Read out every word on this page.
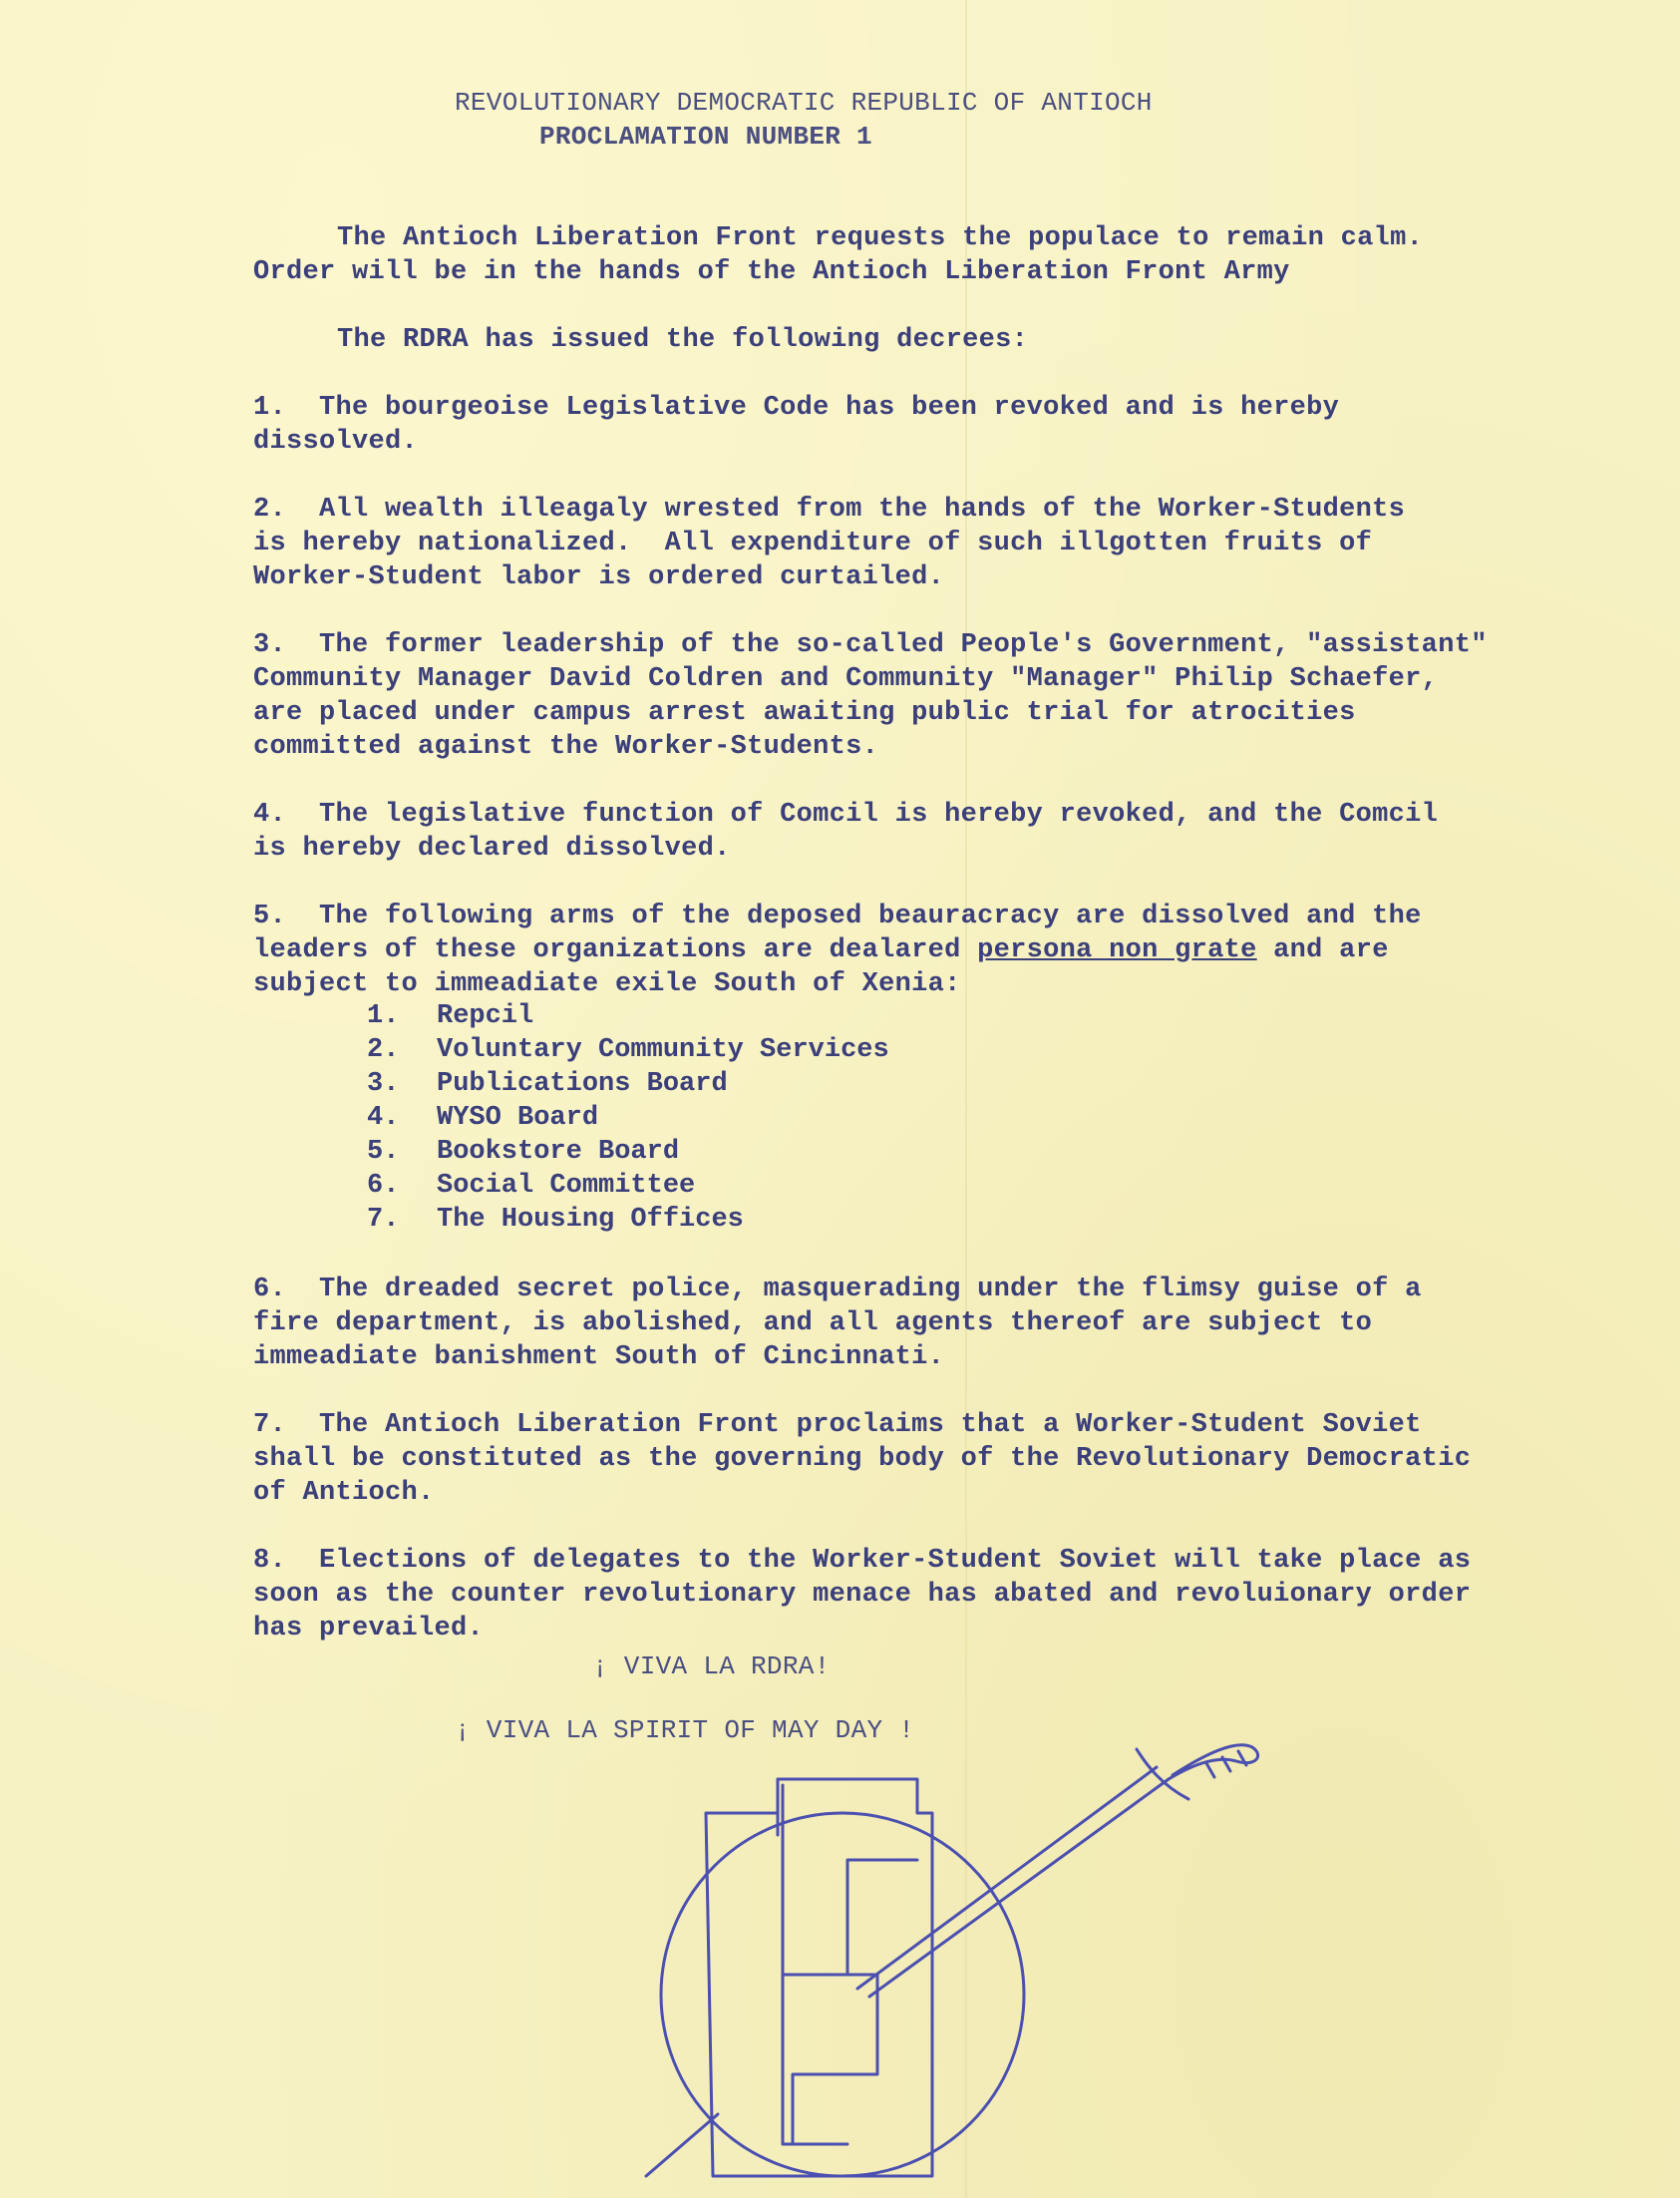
REVOLUTIONARY DEMOCRATIC REPUBLIC OF ANTIOCH
PROCLAMATION NUMBER 1
The Antioch Liberation Front requests the populace to remain calm.
Order will be in the hands of the Antioch Liberation Front Army
The RDRA has issued the following decrees:
1.  The bourgeoise Legislative Code has been revoked and is hereby
dissolved.
2.  All wealth illeagaly wrested from the hands of the Worker-Students
is hereby nationalized.  All expenditure of such illgotten fruits of
Worker-Student labor is ordered curtailed.
3.  The former leadership of the so-called People's Government, "assistant"
Community Manager David Coldren and Community "Manager" Philip Schaefer,
are placed under campus arrest awaiting public trial for atrocities
committed against the Worker-Students.
4.  The legislative function of Comcil is hereby revoked, and the Comcil
is hereby declared dissolved.
5.  The following arms of the deposed beauracracy are dissolved and the
leaders of these organizations are dealared persona non grate and are
subject to immeadiate exile South of Xenia:
1. Repcil
2. Voluntary Community Services
3. Publications Board
4. WYSO Board
5. Bookstore Board
6. Social Committee
7. The Housing Offices
6.  The dreaded secret police, masquerading under the flimsy guise of a
fire department, is abolished, and all agents thereof are subject to
immeadiate banishment South of Cincinnati.
7.  The Antioch Liberation Front proclaims that a Worker-Student Soviet
shall be constituted as the governing body of the Revolutionary Democratic
of Antioch.
8.  Elections of delegates to the Worker-Student Soviet will take place as
soon as the counter revolutionary menace has abated and revoluionary order
has prevailed.
¡ VIVA LA RDRA!
¡ VIVA LA SPIRIT OF MAY DAY !
